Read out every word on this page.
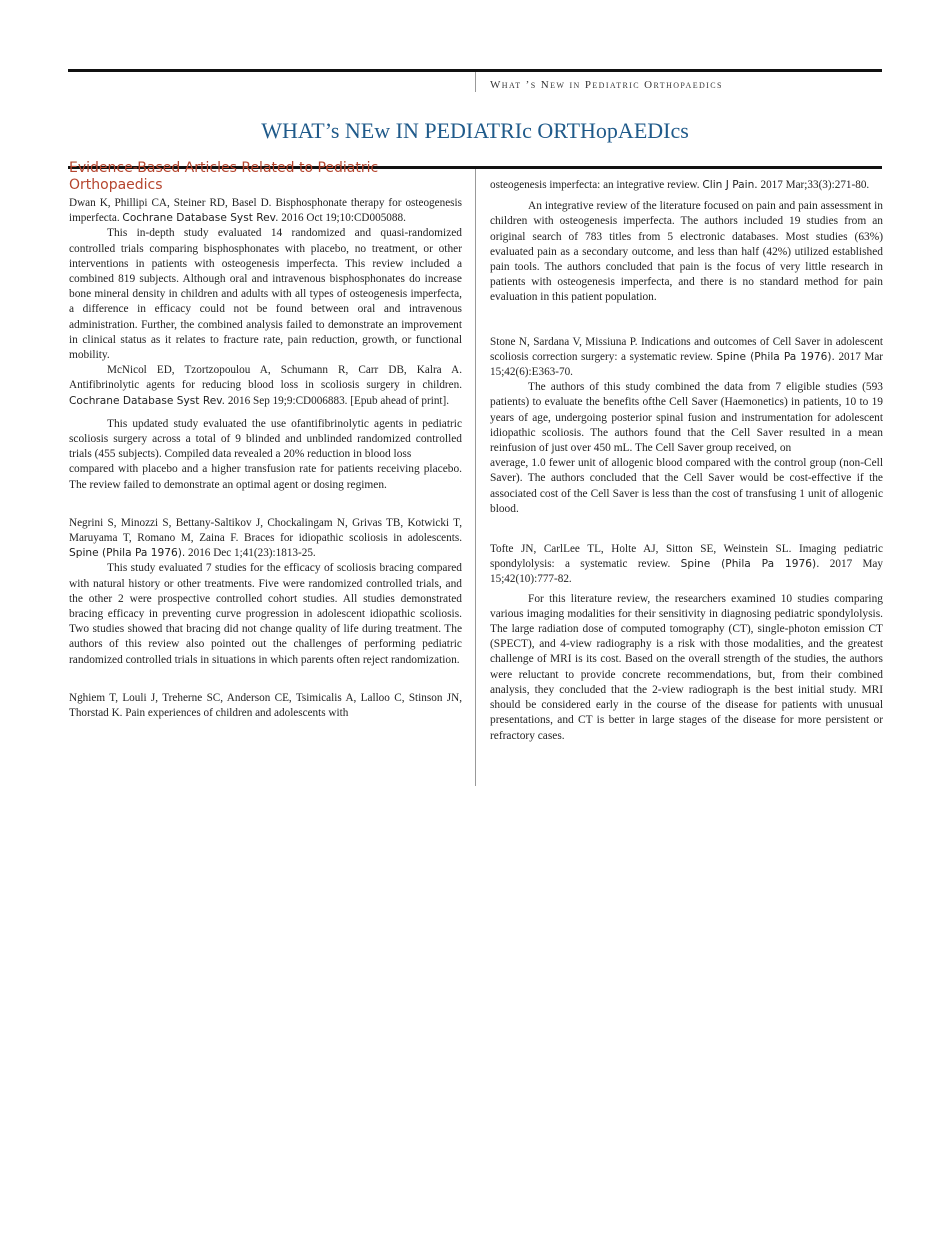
What ’s New in Pediatric Orthopaedics
WHAT’s NEw IN PEDIATRIc ORTHopAEDIcs
Evidence-Based Articles Related to Pediatric Orthopaedics

Dwan K, Phillipi CA, Steiner RD, Basel D. Bisphosphonate therapy for osteogenesis imperfecta. Cochrane Database Syst Rev. 2016 Oct 19;10:CD005088.

This in-depth study evaluated 14 randomized and quasi-randomized controlled trials comparing bisphosphonates with placebo, no treatment, or other interventions in patients with osteogenesis imperfecta. This review included a combined 819 subjects. Although oral and intravenous bisphosphonates do increase bone mineral density in children and adults with all types of osteogenesis imperfecta, a difference in efficacy could not be found between oral and intravenous administration. Further, the combined analysis failed to demonstrate an improvement in clinical status as it relates to fracture rate, pain reduction, growth, or functional mobility.

McNicol ED, Tzortzopoulou A, Schumann R, Carr DB, Kalra A. Antifibrinolytic agents for reducing blood loss in scoliosis surgery in children. Cochrane Database Syst Rev. 2016 Sep 19;9:CD006883. [Epub ahead of print].

This updated study evaluated the use ofantifibrinolytic agents in pediatric scoliosis surgery across a total of 9 blinded and unblinded randomized controlled trials (455 subjects). Compiled data revealed a 20% reduction in blood loss

compared with placebo and a higher transfusion rate for patients receiving placebo. The review failed to demonstrate an optimal agent or dosing regimen.

Negrini S, Minozzi S, Bettany-Saltikov J, Chockalingam N, Grivas TB, Kotwicki T, Maruyama T, Romano M, Zaina F. Braces for idiopathic scoliosis in adolescents. Spine (Phila Pa 1976). 2016 Dec 1;41(23):1813-25.

This study evaluated 7 studies for the efficacy of scoliosis bracing compared with natural history or other treatments. Five were randomized controlled trials, and the other 2 were prospective controlled cohort studies. All studies demonstrated bracing efficacy in preventing curve progression in adolescent idiopathic scoliosis. Two studies showed that bracing did not change quality of life during treatment. The authors of this review also pointed out the challenges of performing pediatric randomized controlled trials in situations in which parents often reject randomization.

Nghiem T, Louli J, Treherne SC, Anderson CE, Tsimicalis A, Lalloo C, Stinson JN, Thorstad K. Pain experiences of children and adolescents with

osteogenesis imperfecta: an integrative review. Clin J Pain. 2017 Mar;33(3):271-80.

An integrative review of the literature focused on pain and pain assessment in children with osteogenesis imperfecta. The authors included 19 studies from an original search of 783 titles from 5 electronic databases. Most studies (63%) evaluated pain as a secondary outcome, and less than half (42%) utilized established pain tools. The authors concluded that pain is the focus of very little research in patients with osteogenesis imperfecta, and there is no standard method for pain evaluation in this patient population.

Stone N, Sardana V, Missiuna P. Indications and outcomes of Cell Saver in adolescent scoliosis correction surgery: a systematic review. Spine (Phila Pa 1976). 2017 Mar 15;42(6):E363-70.

The authors of this study combined the data from 7 eligible studies (593 patients) to evaluate the benefits ofthe Cell Saver (Haemonetics) in patients, 10 to 19 years of age, undergoing posterior spinal fusion and instrumentation for adolescent idiopathic scoliosis. The authors found that the Cell Saver resulted in a mean reinfusion of just over 450 mL. The Cell Saver group received, on

average, 1.0 fewer unit of allogenic blood compared with the control group (non-Cell Saver). The authors concluded that the Cell Saver would be cost-effective if the associated cost of the Cell Saver is less than the cost of transfusing 1 unit of allogenic blood.

Tofte JN, CarlLee TL, Holte AJ, Sitton SE, Weinstein SL. Imaging pediatric spondylolysis: a systematic review. Spine (Phila Pa 1976). 2017 May 15;42(10):777-82.

For this literature review, the researchers examined 10 studies comparing various imaging modalities for their sensitivity in diagnosing pediatric spondylolysis. The large radiation dose of computed tomography (CT), single-photon emission CT (SPECT), and 4-view radiography is a risk with those modalities, and the greatest challenge of MRI is its cost. Based on the overall strength of the studies, the authors were reluctant to provide concrete recommendations, but, from their combined analysis, they concluded that the 2-view radiograph is the best initial study. MRI should be considered early in the course of the disease for patients with unusual presentations, and CT is better in large stages of the disease for more persistent or refractory cases.
